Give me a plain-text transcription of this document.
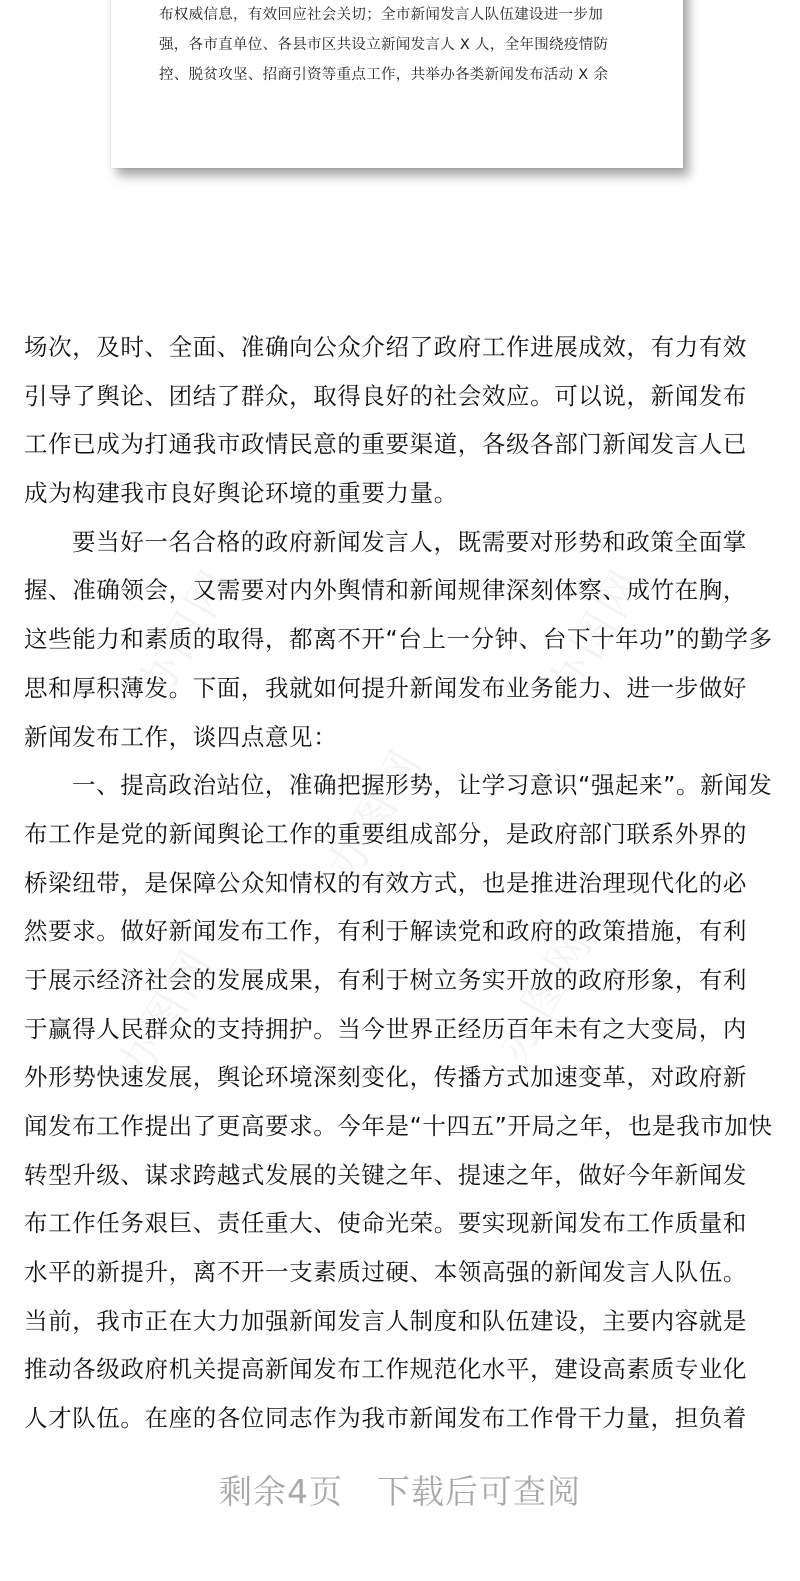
布权威信息，有效回应社会关切；全市新闻发言人队伍建设进一步加
强，各市直单位、各县市区共设立新闻发言人 X 人，全年围绕疫情防
控、脱贫攻坚、招商引资等重点工作，共举办各类新闻发布活动 X 余
场次，及时、全面、准确向公众介绍了政府工作进展成效，有力有效
引导了舆论、团结了群众，取得良好的社会效应。可以说，新闻发布
工作已成为打通我市政情民意的重要渠道，各级各部门新闻发言人已
成为构建我市良好舆论环境的重要力量。
要当好一名合格的政府新闻发言人，既需要对形势和政策全面掌
握、准确领会，又需要对内外舆情和新闻规律深刻体察、成竹在胸，
这些能力和素质的取得，都离不开“台上一分钟、台下十年功”的勤学多
思和厚积薄发。下面，我就如何提升新闻发布业务能力、进一步做好
新闻发布工作，谈四点意见：
一、提高政治站位，准确把握形势，让学习意识“强起来”。新闻发
布工作是党的新闻舆论工作的重要组成部分，是政府部门联系外界的
桥梁纽带，是保障公众知情权的有效方式，也是推进治理现代化的必
然要求。做好新闻发布工作，有利于解读党和政府的政策措施，有利
于展示经济社会的发展成果，有利于树立务实开放的政府形象，有利
于赢得人民群众的支持拥护。当今世界正经历百年未有之大变局，内
外形势快速发展，舆论环境深刻变化，传播方式加速变革，对政府新
闻发布工作提出了更高要求。今年是“十四五”开局之年，也是我市加快
转型升级、谋求跨越式发展的关键之年、提速之年，做好今年新闻发
布工作任务艰巨、责任重大、使命光荣。要实现新闻发布工作质量和
水平的新提升，离不开一支素质过硬、本领高强的新闻发言人队伍。
当前，我市正在大力加强新闻发言人制度和队伍建设，主要内容就是
推动各级政府机关提高新闻发布工作规范化水平，建设高素质专业化
人才队伍。在座的各位同志作为我市新闻发布工作骨干力量，担负着
剩余4页 下载后可查阅
